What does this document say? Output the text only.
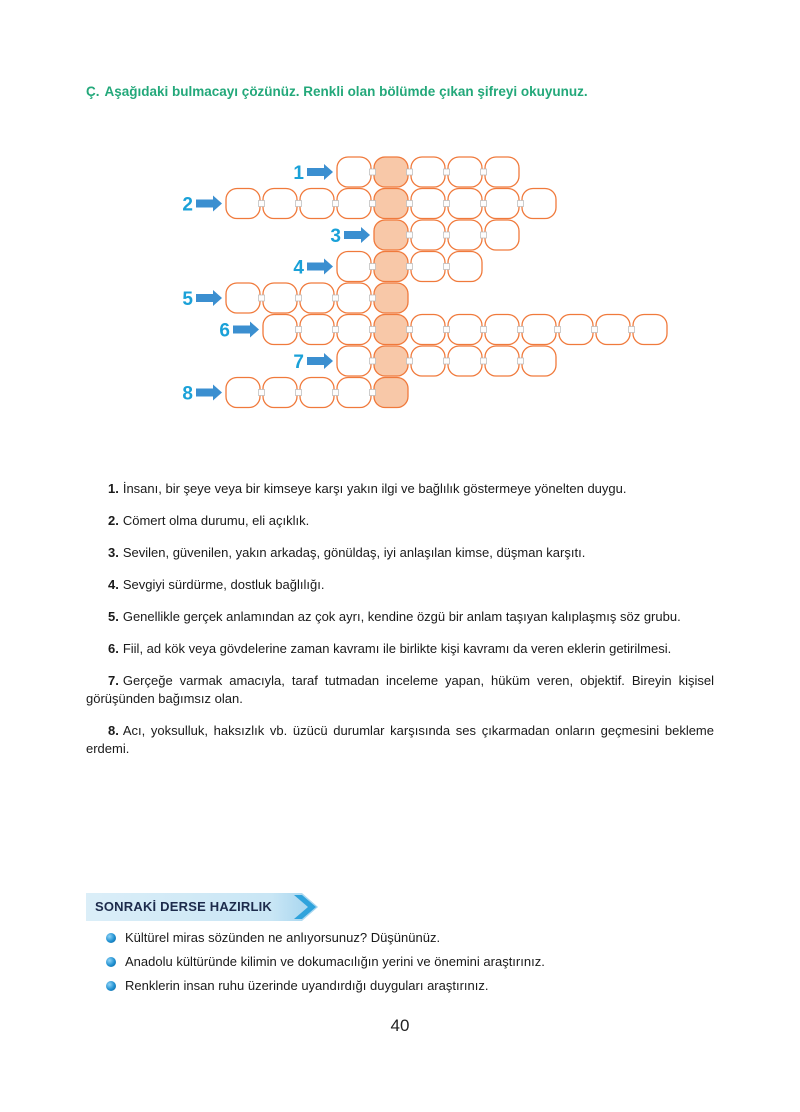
Ç. Aşağıdaki bulmacayı çözünüz. Renkli olan bölümde çıkan şifreyi okuyunuz.
1
2
3
4
5
6
7
8

1. İnsanı, bir şeye veya bir kimseye karşı yakın ilgi ve bağlılık göstermeye yönelten duygu.

2. Cömert olma durumu, eli açıklık.

3. Sevilen, güvenilen, yakın arkadaş, gönüldaş, iyi anlaşılan kimse, düşman karşıtı.

4. Sevgiyi sürdürme, dostluk bağlılığı.

5. Genellikle gerçek anlamından az çok ayrı, kendine özgü bir anlam taşıyan kalıplaşmış söz grubu.

6. Fiil, ad kök veya gövdelerine zaman kavramı ile birlikte kişi kavramı da veren eklerin getirilmesi.

7. Gerçeğe varmak amacıyla, taraf tutmadan inceleme yapan, hüküm veren, objektif. Bireyin kişisel görüşünden bağımsız olan.

8. Acı, yoksulluk, haksızlık vb. üzücü durumlar karşısında ses çıkarmadan onların geçmesini bekleme erdemi.

SONRAKİ DERSE HAZIRLIK
Kültürel miras sözünden ne anlıyorsunuz? Düşününüz.
Anadolu kültüründe kilimin ve dokumacılığın yerini ve önemini araştırınız.
Renklerin insan ruhu üzerinde uyandırdığı duyguları araştırınız.
40
